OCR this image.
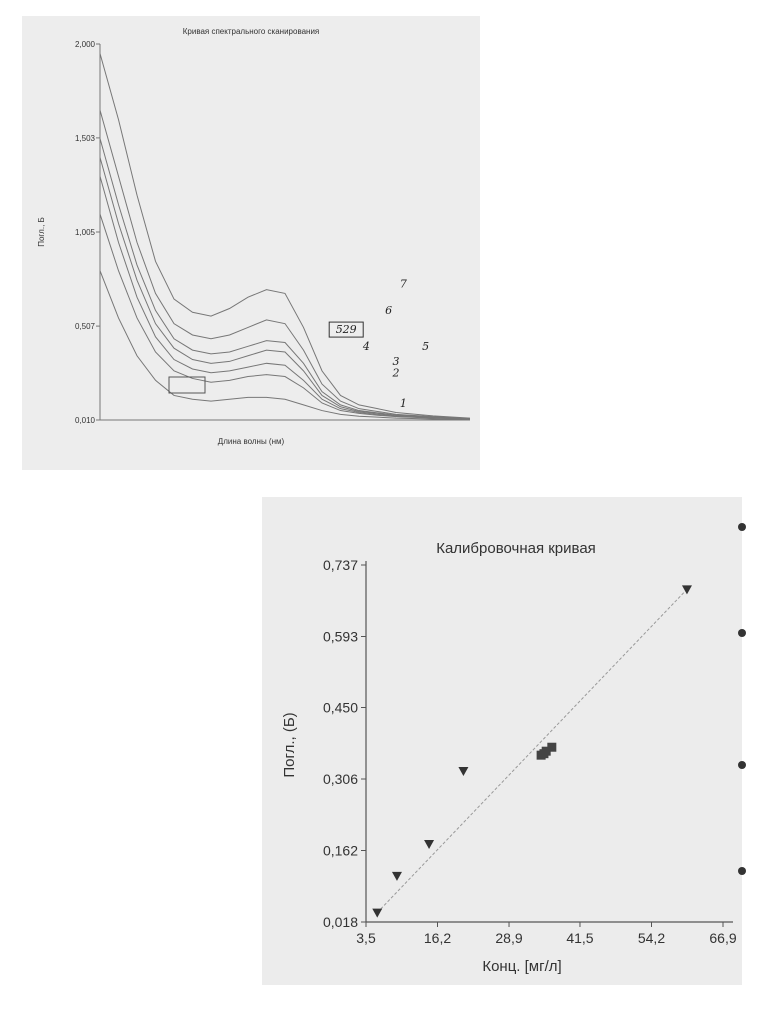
Кривая спектрального сканирования
2,000
1,503
1,005
0,507
0,010
Длина волны (нм)
Погл., Б
1
2
3
4	5
6
7
529
Калибровочная кривая
0,737
0,593
0,450
0,306
0,162
0,018
3,5	16,2	28,9	41,5	54,2	66,9
Конц. [мг/л]
Погл., (Б)
